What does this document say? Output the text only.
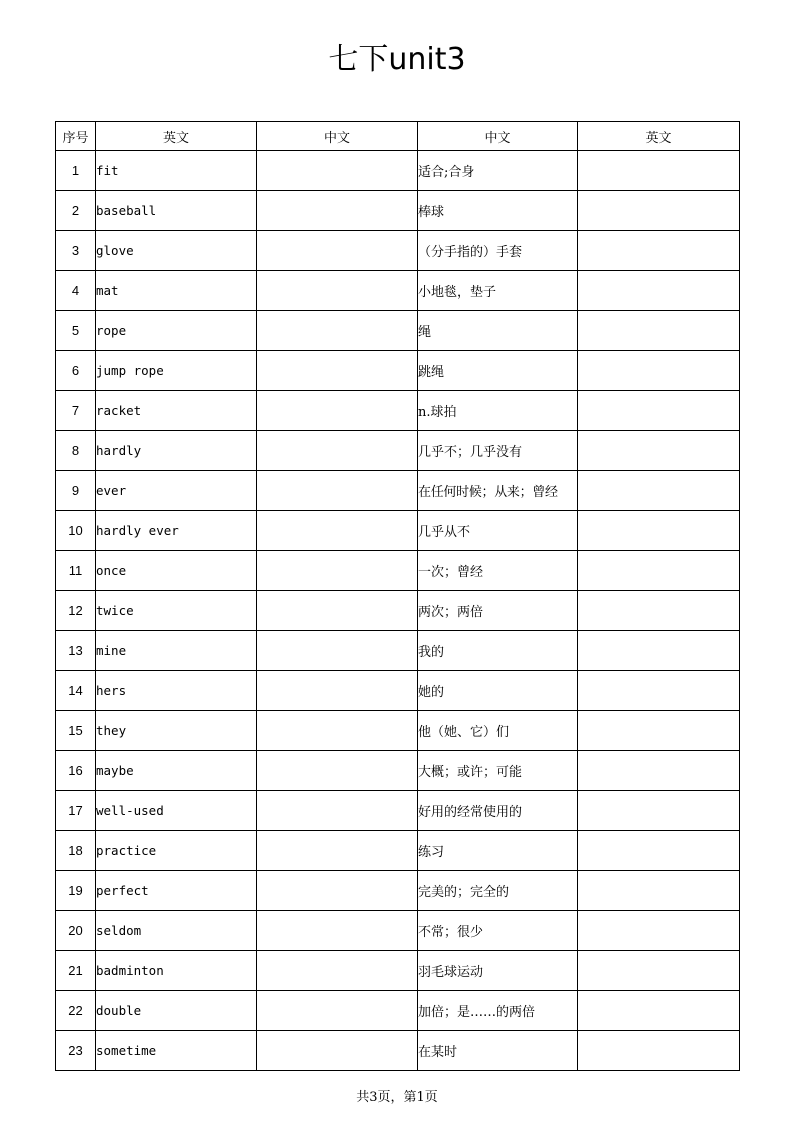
七下unit3
序号	英文	中文	中文	英文
1	fit		适合;合身	
2	baseball		棒球	
3	glove		（分手指的）手套	
4	mat		小地毯，垫子	
5	rope		绳	
6	jump rope		跳绳	
7	racket		n.球拍	
8	hardly		几乎不；几乎没有	
9	ever		在任何时候；从来；曾经	
10	hardly ever		几乎从不	
11	once		一次；曾经	
12	twice		两次；两倍	
13	mine		我的	
14	hers		她的	
15	they		他（她、它）们	
16	maybe		大概；或许；可能	
17	well-used		好用的经常使用的	
18	practice		练习	
19	perfect		完美的；完全的	
20	seldom		不常；很少	
21	badminton		羽毛球运动	
22	double		加倍；是……的两倍	
23	sometime		在某时	
共3页，第1页
